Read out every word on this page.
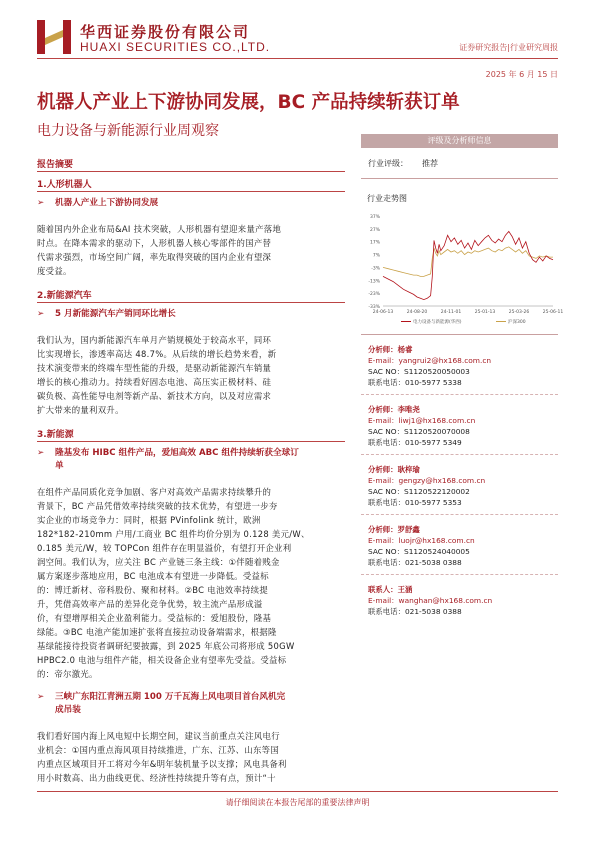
华西证券股份有限公司
HUAXI SECURITIES CO.,LTD.	证券研究报告|行业研究周报
2025 年 6 月 15 日
机器人产业上下游协同发展，BC 产品持续斩获订单
电力设备与新能源行业周观察
报告摘要
1.人形机器人
➢ 机器人产业上下游协同发展
随着国内外企业布局&AI 技术突破，人形机器有望迎来量产落地
时点。在降本需求的驱动下，人形机器人核心零部件的国产替
代需求强烈，市场空间广阔，率先取得突破的国内企业有望深
度受益。
2.新能源汽车
➢ 5 月新能源汽车产销同环比增长
我们认为，国内新能源汽车单月产销规模处于较高水平，同环
比实现增长，渗透率高达 48.7%。从后续的增长趋势来看，新
技术演变带来的终端车型性能的升级，是驱动新能源汽车销量
增长的核心推动力。持续看好固态电池、高压实正极材料、硅
碳负极、高性能导电剂等新产品、新技术方向，以及对应需求
扩大带来的量利双升。
3.新能源
➢ 隆基发布 HIBC 组件产品，爱旭高效 ABC 组件持续斩获全球订
单
在组件产品同质化竞争加剧、客户对高效产品需求持续攀升的
背景下，BC 产品凭借效率持续突破的技术优势，有望进一步夯
实企业的市场竞争力：同时，根据 PVinfolink 统计，欧洲
182*182-210mm 户用/工商业 BC 组件均价分别为 0.128 美元/W、
0.185 美元/W，较 TOPCon 组件存在明显溢价，有望打开企业利
润空间。我们认为，应关注 BC 产业链三条主线：①伴随着贱金
属方案逐步落地应用，BC 电池成本有望进一步降低。受益标
的：博迁新材、帝科股份、聚和材料。②BC 电池效率持续提
升，凭借高效率产品的差异化竞争优势，较主流产品形成溢
价，有望增厚相关企业盈利能力。受益标的：爱旭股份，隆基
绿能。③BC 电池产能加速扩张将直接拉动设备端需求，根据隆
基绿能接待投资者调研纪要披露，到 2025 年底公司将形成 50GW
HPBC2.0 电池与组件产能，相关设备企业有望率先受益。受益标
的：帝尔激光。
➢ 三峡广东阳江青洲五期 100 万千瓦海上风电项目首台风机完
成吊装
我们看好国内海上风电短中长期空间，建议当前重点关注风电行
业机会：①国内重点海风项目持续推进，广东、江苏、山东等国
内重点区域项目开工将对今年&明年装机量予以支撑；风电具备利
用小时数高、出力曲线更优、经济性持续提升等有点，预计“十
评级及分析师信息
行业评级： 推荐
行业走势图
37%
27%
17%
7%
-3%
-13%
-23%
-33%
24-06-13	24-08-20	24-11-01	25-01-13	25-03-26	25-06-11
电力设备与新能源(华西)	沪深300
分析师：杨睿
E-mail：yangrui2@hx168.com.cn
SAC NO：S1120520050003
联系电话：010-5977 5338
分析师：李唯尧
E-mail：liwj1@hx168.com.cn
SAC NO：S1120520070008
联系电话：010-5977 5349
分析师：耿梓瑜
E-mail：gengzy@hx168.com.cn
SAC NO：S1120522120002
联系电话：010-5977 5353
分析师：罗舒鑫
E-mail：luojr@hx168.com.cn
SAC NO：S1120524040005
联系电话：021-5038 0388
联系人：王涵
E-mail：wanghan@hx168.com.cn
联系电话：021-5038 0388
请仔细阅读在本报告尾部的重要法律声明
